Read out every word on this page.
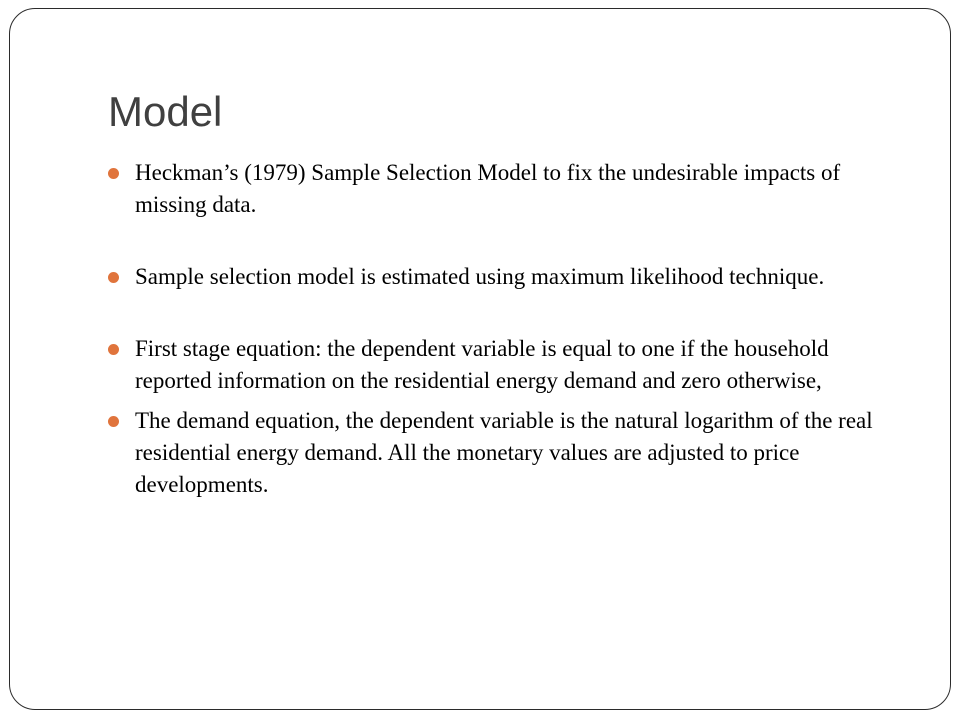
Model
Heckman’s (1979) Sample Selection Model to fix the undesirable impacts of missing data.
Sample selection model is estimated using maximum likelihood technique.
First stage equation: the dependent variable is equal to one if the household reported information on the residential energy demand and zero otherwise,
The demand equation, the dependent variable is the natural logarithm of the real residential energy demand. All the monetary values are adjusted to price developments.
